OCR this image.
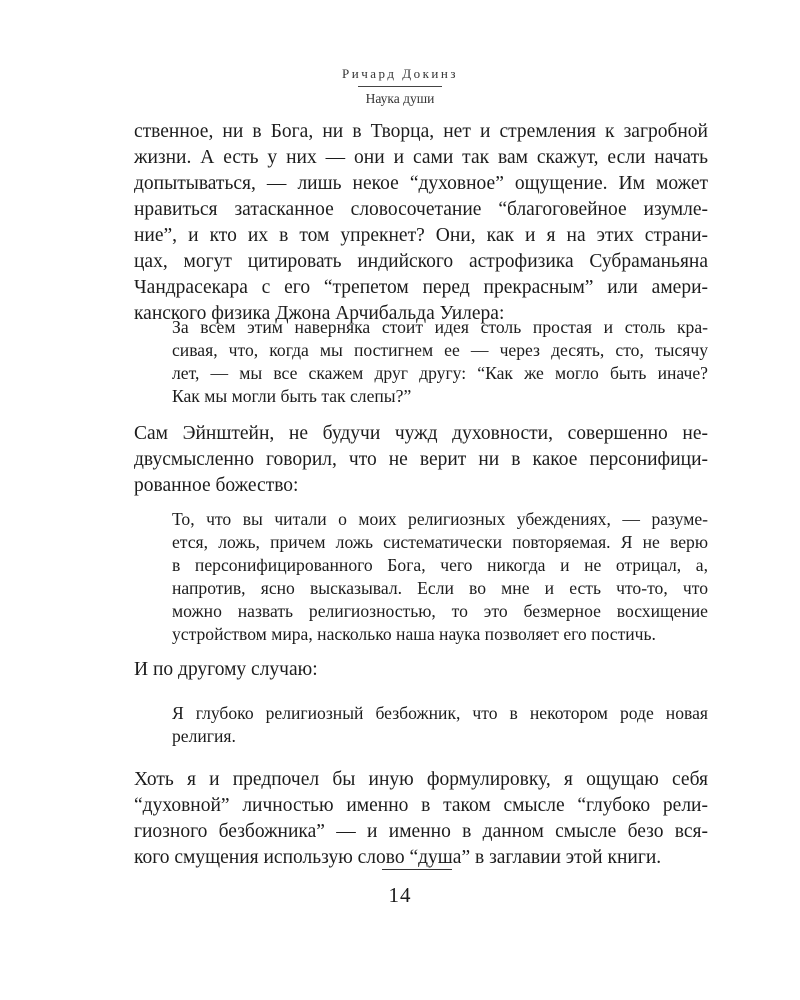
Ричард Докинз
Наука души
ственное, ни в Бога, ни в Творца, нет и стремления к загробной
жизни. А есть у них — они и сами так вам скажут, если начать
допытываться, — лишь некое “духовное” ощущение. Им может
нравиться затасканное словосочетание “благоговейное изумле-
ние”, и кто их в том упрекнет? Они, как и я на этих страни-
цах, могут цитировать индийского астрофизика Субраманьяна
Чандрасекара с его “трепетом перед прекрасным” или амери-
канского физика Джона Арчибальда Уилера:
За всем этим наверняка стоит идея столь простая и столь кра-
сивая, что, когда мы постигнем ее — через десять, сто, тысячу
лет, — мы все скажем друг другу: “Как же могло быть иначе?
Как мы могли быть так слепы?”
Сам Эйнштейн, не будучи чужд духовности, совершенно не-
двусмысленно говорил, что не верит ни в какое персонифици-
рованное божество:
То, что вы читали о моих религиозных убеждениях, — разуме-
ется, ложь, причем ложь систематически повторяемая. Я не верю
в персонифицированного Бога, чего никогда и не отрицал, а,
напротив, ясно высказывал. Если во мне и есть что-то, что
можно назвать религиозностью, то это безмерное восхищение
устройством мира, насколько наша наука позволяет его постичь.
И по другому случаю:
Я глубоко религиозный безбожник, что в некотором роде новая
религия.
Хоть я и предпочел бы иную формулировку, я ощущаю себя
“духовной” личностью именно в таком смысле “глубоко рели-
гиозного безбожника” — и именно в данном смысле безо вся-
кого смущения использую слово “душа” в заглавии этой книги.
14
